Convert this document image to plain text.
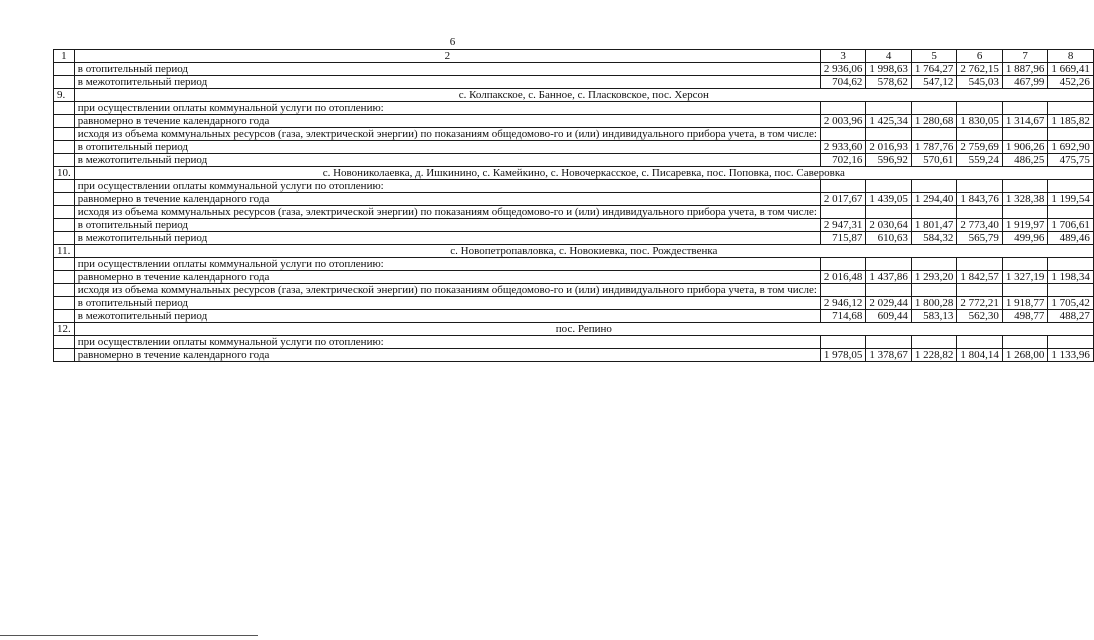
6
1	2	3	4	5	6	7	8
	в отопительный период	2 936,06	1 998,63	1 764,27	2 762,15	1 887,96	1 669,41
	в межотопительный период	704,62	578,62	547,12	545,03	467,99	452,26
9.	с. Колпакское, с. Банное, с. Пласковское, пос. Херсон						
	при осуществлении оплаты коммунальной услуги по отоплению:						
	равномерно в течение календарного года	2 003,96	1 425,34	1 280,68	1 830,05	1 314,67	1 185,82
	исходя из объема коммунальных ресурсов (газа, электрической энергии) по показаниям общедомово-го и (или) индивидуального прибора учета, в том числе:						
	в отопительный период	2 933,60	2 016,93	1 787,76	2 759,69	1 906,26	1 692,90
	в межотопительный период	702,16	596,92	570,61	559,24	486,25	475,75
10.	с. Новониколаевка, д. Ишкинино, с. Камейкино, с. Новочеркасское, с. Писаревка, пос. Поповка, пос. Саверовка						
	при осуществлении оплаты коммунальной услуги по отоплению:						
	равномерно в течение календарного года	2 017,67	1 439,05	1 294,40	1 843,76	1 328,38	1 199,54
	исходя из объема коммунальных ресурсов (газа, электрической энергии) по показаниям общедомово-го и (или) индивидуального прибора учета, в том числе:						
	в отопительный период	2 947,31	2 030,64	1 801,47	2 773,40	1 919,97	1 706,61
	в межотопительный период	715,87	610,63	584,32	565,79	499,96	489,46
11.	с. Новопетропавловка, с. Новокиевка, пос. Рождественка						
	при осуществлении оплаты коммунальной услуги по отоплению:						
	равномерно в течение календарного года	2 016,48	1 437,86	1 293,20	1 842,57	1 327,19	1 198,34
	исходя из объема коммунальных ресурсов (газа, электрической энергии) по показаниям общедомово-го и (или) индивидуального прибора учета, в том числе:						
	в отопительный период	2 946,12	2 029,44	1 800,28	2 772,21	1 918,77	1 705,42
	в межотопительный период	714,68	609,44	583,13	562,30	498,77	488,27
12.	пос. Репино						
	при осуществлении оплаты коммунальной услуги по отоплению:						
	равномерно в течение календарного года	1 978,05	1 378,67	1 228,82	1 804,14	1 268,00	1 133,96
